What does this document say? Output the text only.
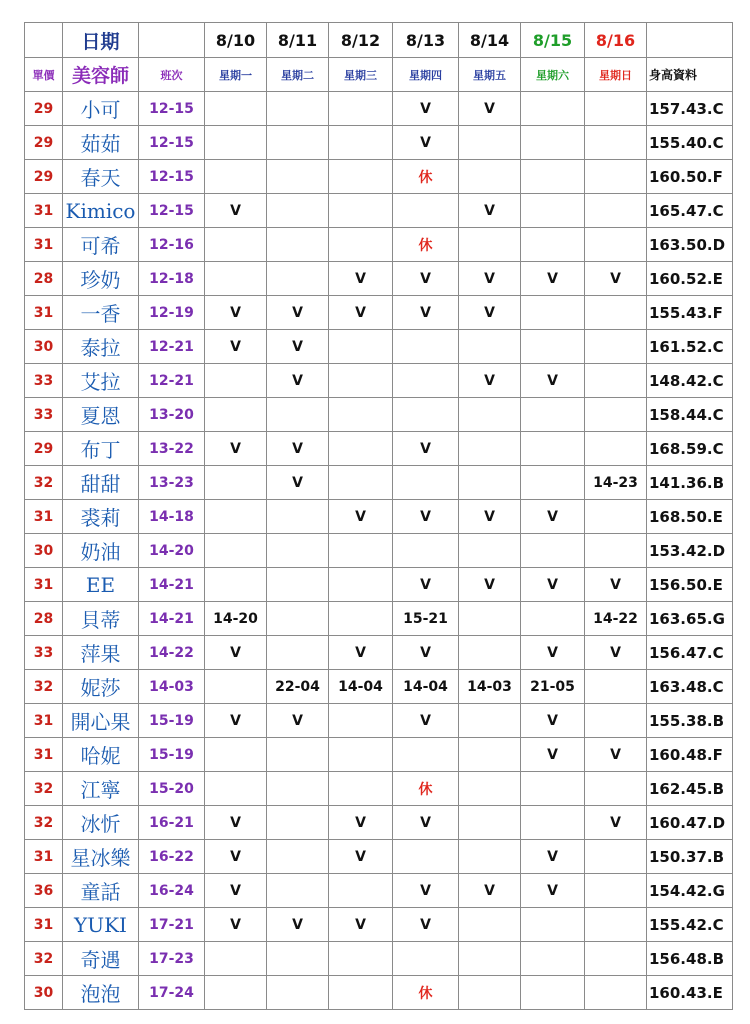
	日期		8/10	8/11	8/12	8/13	8/14	8/15	8/16	
單價	美容師	班次	星期一	星期二	星期三	星期四	星期五	星期六	星期日	身高資料
29	小可	12-15				V	V			157.43.C
29	茹茹	12-15				V				155.40.C
29	春天	12-15				休				160.50.F
31	Kimico	12-15	V				V			165.47.C
31	可希	12-16				休				163.50.D
28	珍奶	12-18			V	V	V	V	V	160.52.E
31	一香	12-19	V	V	V	V	V			155.43.F
30	泰拉	12-21	V	V						161.52.C
33	艾拉	12-21		V			V	V		148.42.C
33	夏恩	13-20								158.44.C
29	布丁	13-22	V	V		V				168.59.C
32	甜甜	13-23		V					14-23	141.36.B
31	裘莉	14-18			V	V	V	V		168.50.E
30	奶油	14-20								153.42.D
31	EE	14-21				V	V	V	V	156.50.E
28	貝蒂	14-21	14-20			15-21			14-22	163.65.G
33	萍果	14-22	V		V	V		V	V	156.47.C
32	妮莎	14-03		22-04	14-04	14-04	14-03	21-05		163.48.C
31	開心果	15-19	V	V		V		V		155.38.B
31	哈妮	15-19						V	V	160.48.F
32	江寧	15-20				休				162.45.B
32	冰忻	16-21	V		V	V			V	160.47.D
31	星冰樂	16-22	V		V			V		150.37.B
36	童話	16-24	V			V	V	V		154.42.G
31	YUKI	17-21	V	V	V	V				155.42.C
32	奇遇	17-23								156.48.B
30	泡泡	17-24				休				160.43.E
